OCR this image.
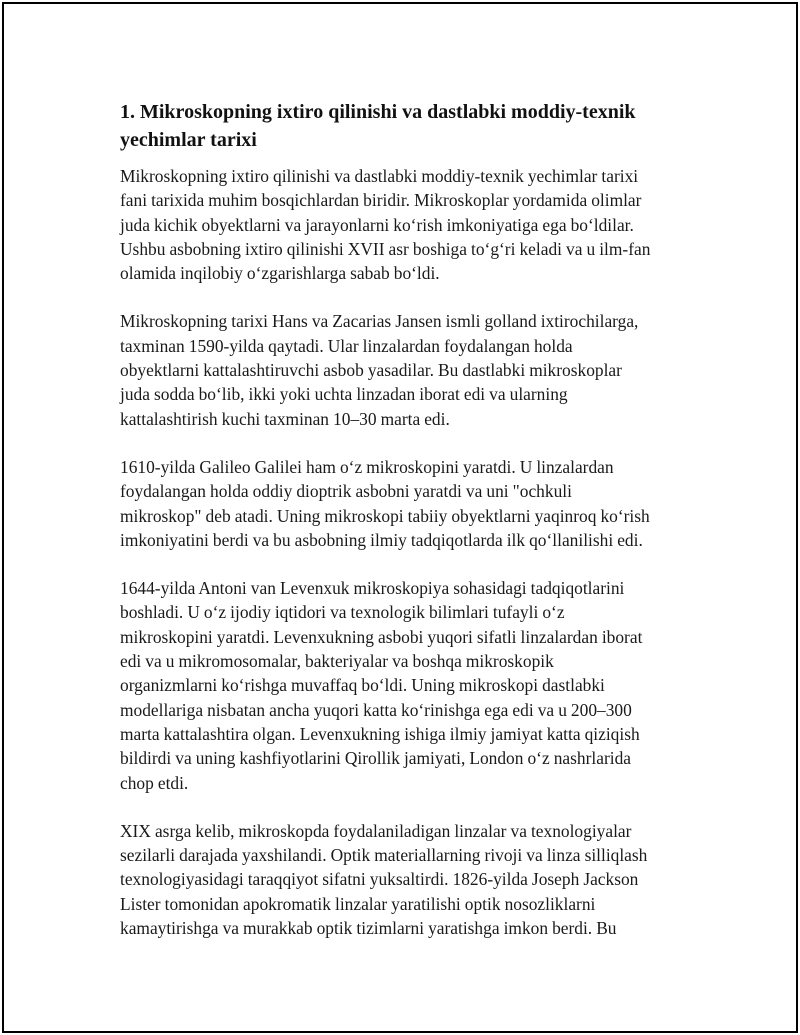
1. Mikroskopning ixtiro qilinishi va dastlabki moddiy-texnik yechimlar tarixi

Mikroskopning ixtiro qilinishi va dastlabki moddiy-texnik yechimlar tarixi
fani tarixida muhim bosqichlardan biridir. Mikroskoplar yordamida olimlar
juda kichik obyektlarni va jarayonlarni koʻrish imkoniyatiga ega boʻldilar.
Ushbu asbobning ixtiro qilinishi XVII asr boshiga toʻgʻri keladi va u ilm-fan
olamida inqilobiy oʻzgarishlarga sabab boʻldi.

Mikroskopning tarixi Hans va Zacarias Jansen ismli golland ixtirochilarga,
taxminan 1590-yilda qaytadi. Ular linzalardan foydalangan holda
obyektlarni kattalashtiruvchi asbob yasadilar. Bu dastlabki mikroskoplar
juda sodda boʻlib, ikki yoki uchta linzadan iborat edi va ularning
kattalashtirish kuchi taxminan 10–30 marta edi.

1610-yilda Galileo Galilei ham oʻz mikroskopini yaratdi. U linzalardan
foydalangan holda oddiy dioptrik asbobni yaratdi va uni "ochkuli
mikroskop" deb atadi. Uning mikroskopi tabiiy obyektlarni yaqinroq koʻrish
imkoniyatini berdi va bu asbobning ilmiy tadqiqotlarda ilk qoʻllanilishi edi.

1644-yilda Antoni van Levenxuk mikroskopiya sohasidagi tadqiqotlarini
boshladi. U oʻz ijodiy iqtidori va texnologik bilimlari tufayli oʻz
mikroskopini yaratdi. Levenxukning asbobi yuqori sifatli linzalardan iborat
edi va u mikromosomalar, bakteriyalar va boshqa mikroskopik
organizmlarni koʻrishga muvaffaq boʻldi. Uning mikroskopi dastlabki
modellariga nisbatan ancha yuqori katta koʻrinishga ega edi va u 200–300
marta kattalashtira olgan. Levenxukning ishiga ilmiy jamiyat katta qiziqish
bildirdi va uning kashfiyotlarini Qirollik jamiyati, London oʻz nashrlarida
chop etdi.

XIX asrga kelib, mikroskopda foydalaniladigan linzalar va texnologiyalar
sezilarli darajada yaxshilandi. Optik materiallarning rivoji va linza silliqlash
texnologiyasidagi taraqqiyot sifatni yuksaltirdi. 1826-yilda Joseph Jackson
Lister tomonidan apokromatik linzalar yaratilishi optik nosozliklarni
kamaytirishga va murakkab optik tizimlarni yaratishga imkon berdi. Bu
